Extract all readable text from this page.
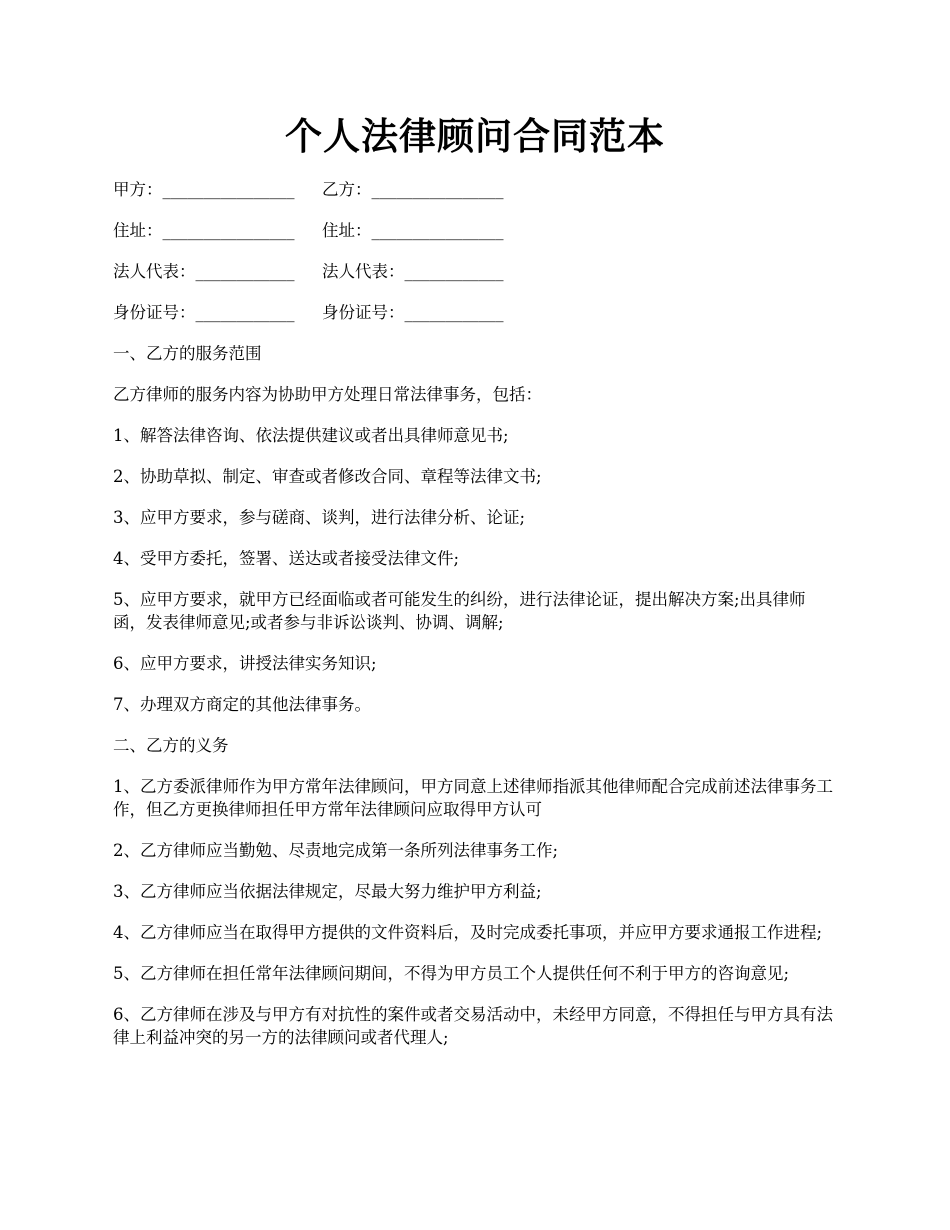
个人法律顾问合同范本
甲方：________________ 乙方：________________
住址：________________ 住址：________________
法人代表：____________ 法人代表：____________
身份证号：____________ 身份证号：____________

一、乙方的服务范围

乙方律师的服务内容为协助甲方处理日常法律事务，包括：

1、解答法律咨询、依法提供建议或者出具律师意见书;

2、协助草拟、制定、审查或者修改合同、章程等法律文书;

3、应甲方要求，参与磋商、谈判，进行法律分析、论证;

4、受甲方委托，签署、送达或者接受法律文件;

5、应甲方要求，就甲方已经面临或者可能发生的纠纷，进行法律论证，提出解决方案;出具律师函，发表律师意见;或者参与非诉讼谈判、协调、调解;

6、应甲方要求，讲授法律实务知识;

7、办理双方商定的其他法律事务。

二、乙方的义务

1、乙方委派律师作为甲方常年法律顾问，甲方同意上述律师指派其他律师配合完成前述法律事务工作，但乙方更换律师担任甲方常年法律顾问应取得甲方认可

2、乙方律师应当勤勉、尽责地完成第一条所列法律事务工作;

3、乙方律师应当依据法律规定，尽最大努力维护甲方利益;

4、乙方律师应当在取得甲方提供的文件资料后，及时完成委托事项，并应甲方要求通报工作进程;

5、乙方律师在担任常年法律顾问期间，不得为甲方员工个人提供任何不利于甲方的咨询意见;

6、乙方律师在涉及与甲方有对抗性的案件或者交易活动中，未经甲方同意，不得担任与甲方具有法律上利益冲突的另一方的法律顾问或者代理人;
